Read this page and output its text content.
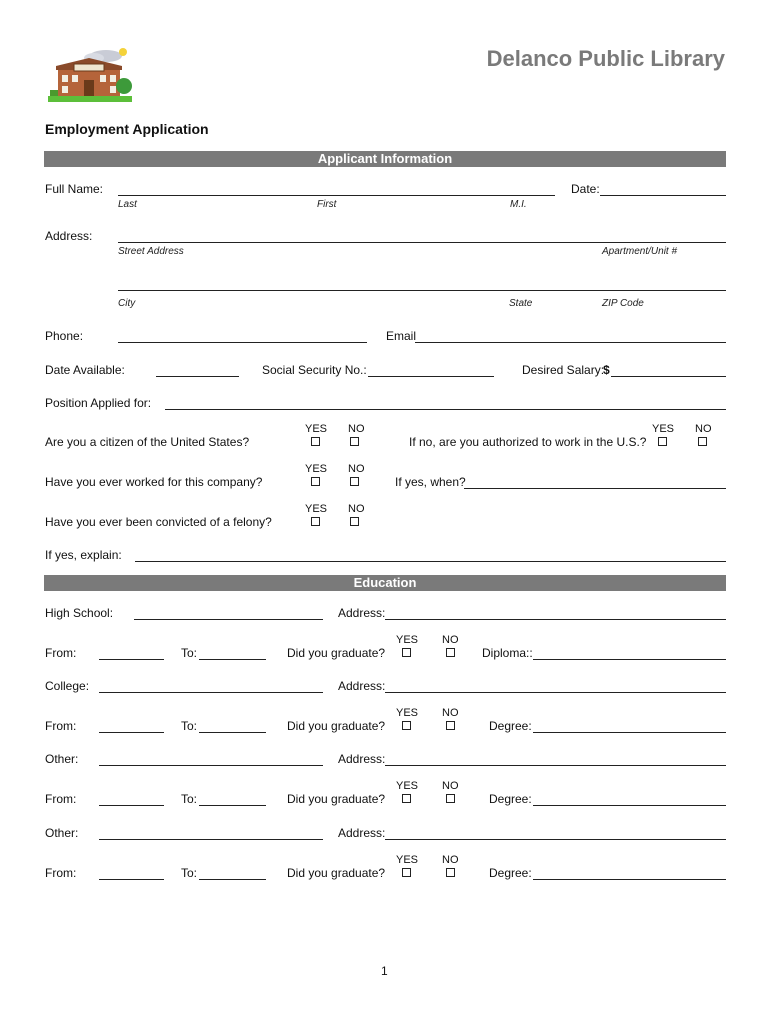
Delanco Public Library
Employment Application
Applicant Information
Full Name:	Date:
Last	First	M.I.
Address:
Street Address	Apartment/Unit #
City	State	ZIP Code
Phone:	Email
Date Available:	Social Security No.:	Desired Salary:
$
Position Applied for:
YES NO
Are you a citizen of the United States?
YES NO
If no, are you authorized to work in the U.S.?
YES NO
Have you ever worked for this company?	If yes, when?
YES NO
Have you ever been convicted of a felony?
If yes, explain:
Education
High School:	Address:
YES NO
From:	To:	Did you graduate?	Diploma::
College:	Address:
YES NO
From:	To:	Did you graduate?	Degree:
Other:	Address:
YES NO
From:	To:	Did you graduate?	Degree:
Other:	Address:
YES NO
From:	To:	Did you graduate?	Degree:
1
